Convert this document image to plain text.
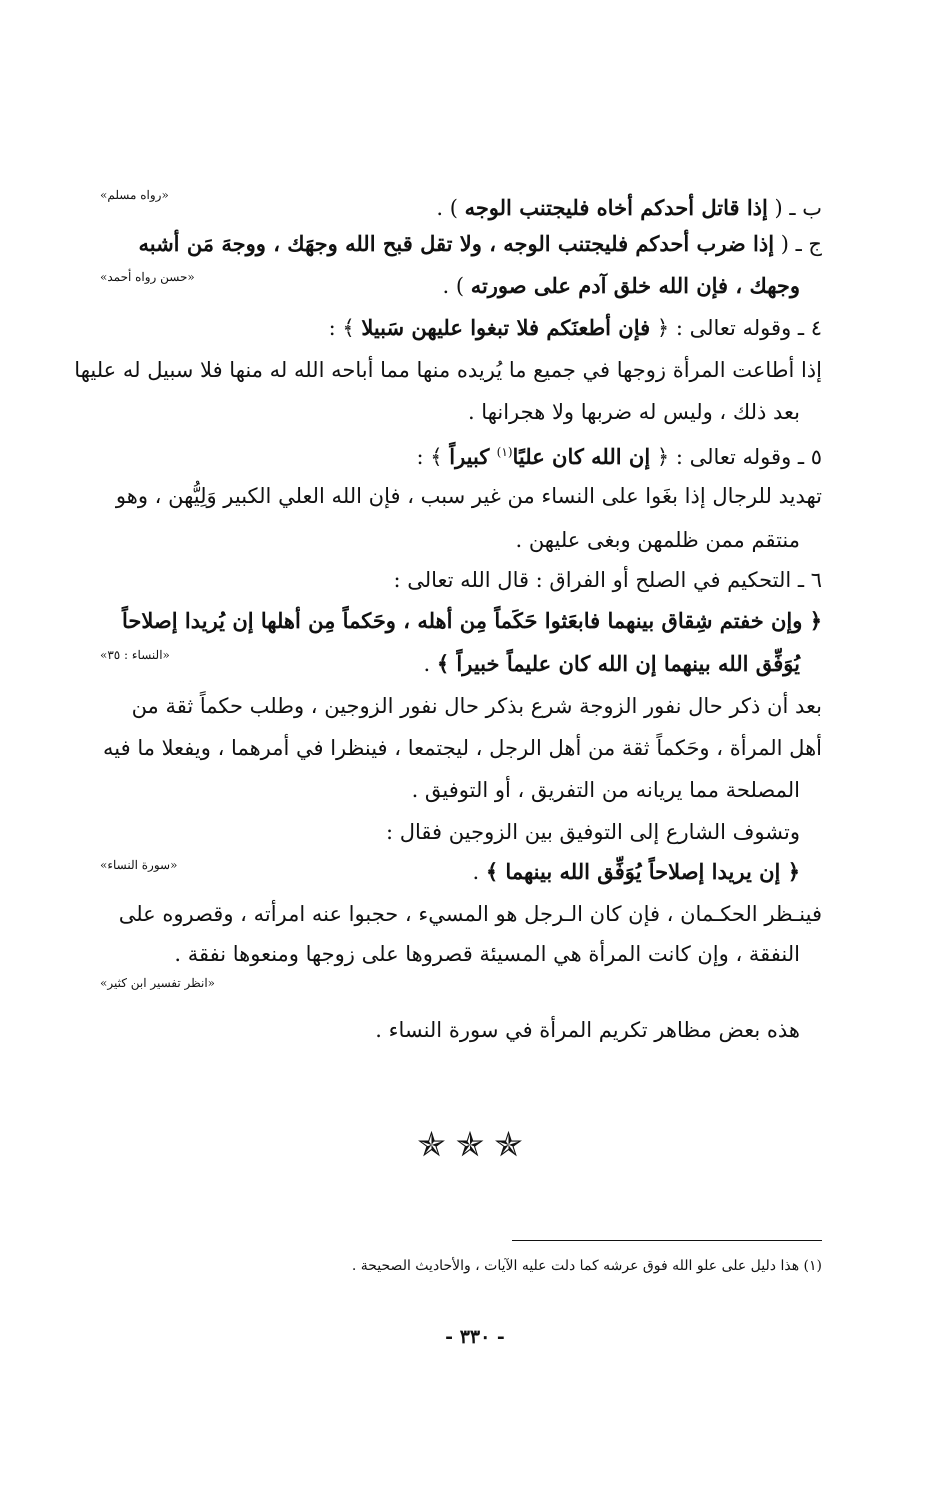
ب ـ ( إذا قاتل أحدكم أخاه فليجتنب الوجه ) .
«رواه مسلم»
ج ـ ( إذا ضرب أحدكم فليجتنب الوجه ، ولا تقل قبح الله وجهَك ، ووجهَ مَن أشبه
وجهك ، فإن الله خلق آدم على صورته ) .
«حسن رواه أحمد»
٤ ـ وقوله تعالى : ﴿ فإن أطعنَكم فلا تبغوا عليهن سَبيلا ﴾ :
إذا أطاعت المرأة زوجها في جميع ما يُريده منها مما أباحه الله له منها فلا سبيل له عليها
بعد ذلك ، وليس له ضربها ولا هجرانها .
٥ ـ وقوله تعالى : ﴿ إن الله كان عليًا$^{(١)}$ كبيراً ﴾ :
تهديد للرجال إذا بغَوا على النساء من غير سبب ، فإن الله العلي الكبير وَلِيُّهن ، وهو
منتقم ممن ظلمهن وبغى عليهن .
٦ ـ التحكيم في الصلح أو الفراق : قال الله تعالى :
﴿ وإن خفتم شِقاق بينهما فابعَثوا حَكَماً مِن أهله ، وحَكماً مِن أهلها إن يُريدا إصلاحاً
يُوَفِّق الله بينهما إن الله كان عليماً خبيراً ﴾ .
«النساء : ٣٥»
بعد أن ذكر حال نفور الزوجة شرع بذكر حال نفور الزوجين ، وطلب حكماً ثقة من
أهل المرأة ، وحَكماً ثقة من أهل الرجل ، ليجتمعا ، فينظرا في أمرهما ، ويفعلا ما فيه
المصلحة مما يريانه من التفريق ، أو التوفيق .
وتشوف الشارع إلى التوفيق بين الزوجين فقال :
﴿ إن يريدا إصلاحاً يُوَفِّق الله بينهما ﴾ .
«سورة النساء»
فينـظر الحكـمان ، فإن كان الـرجل هو المسيء ، حجبوا عنه امرأته ، وقصروه على
النفقة ، وإن كانت المرأة هي المسيئة قصروها على زوجها ومنعوها نفقة .
«انظر تفسير ابن كثير»
هذه بعض مظاهر تكريم المرأة في سورة النساء .
✯✯✯
(١) هذا دليل على علو الله فوق عرشه كما دلت عليه الآيات ، والأحاديث الصحيحة .
- ٣٣٠ -
